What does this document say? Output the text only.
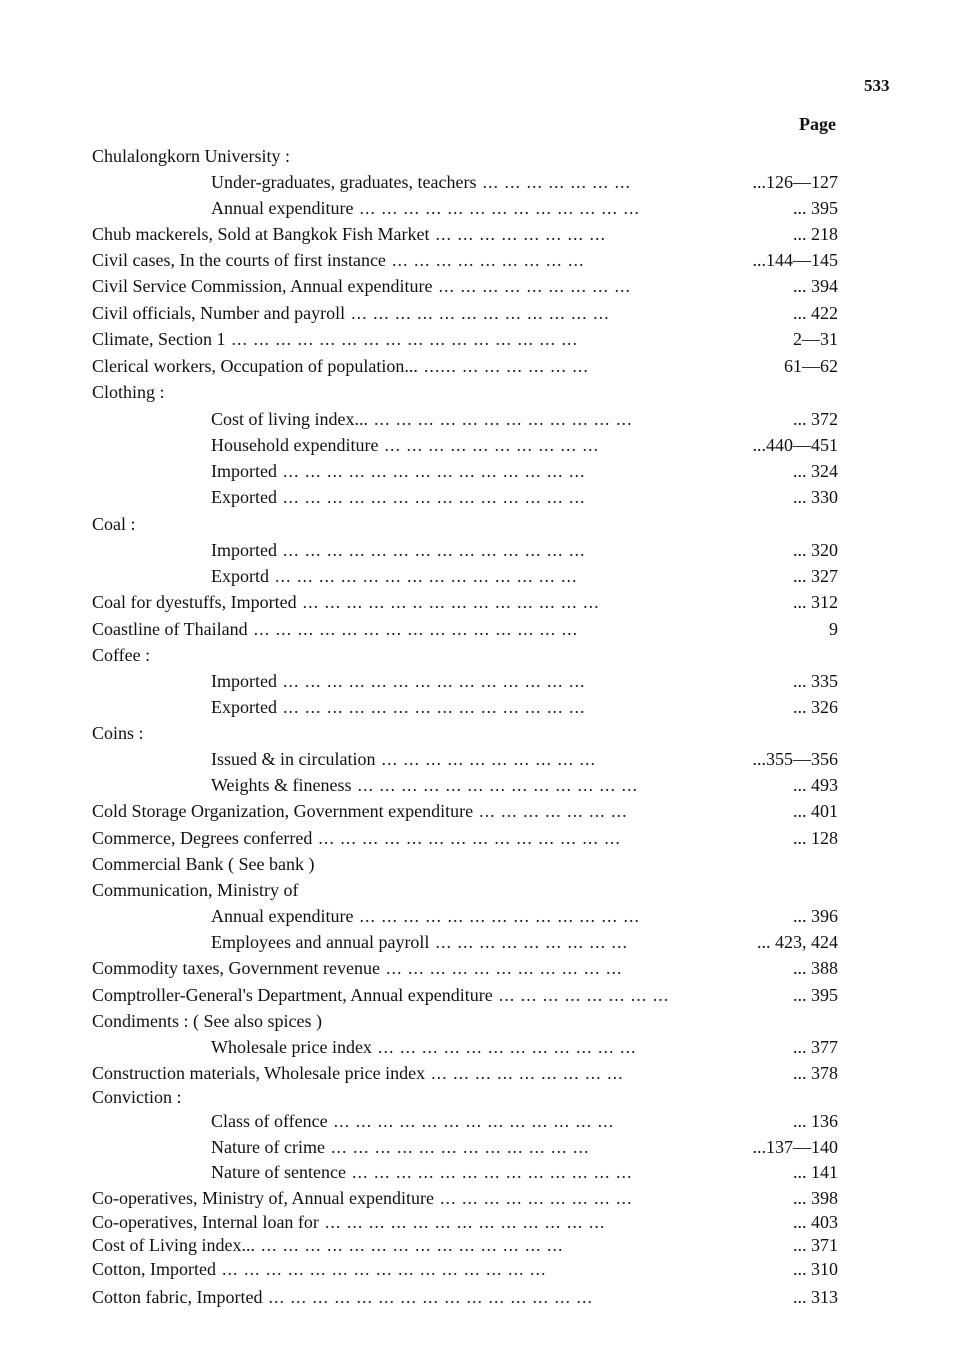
533
Page
Chulalongkorn University :
Under-graduates, graduates, teachers ... ... ... ... ... ... ...	...126—127
Annual expenditure ... ... ... ... ... ... ... ... ... ... ... ... ...	... 395
Chub mackerels, Sold at Bangkok Fish Market ... ... ... ... ... ... ... ...	... 218
Civil cases, In the courts of first instance ... ... ... ... ... ... ... ... ...	...144—145
Civil Service Commission, Annual expenditure ... ... ... ... ... ... ... ... ...	... 394
Civil officials, Number and payroll ... ... ... ... ... ... ... ... ... ... ... ...	... 422
Climate, Section 1 ... ... ... ... ... ... ... ... ... ... ... ... ... ... ... ...	2—31
Clerical workers, Occupation of population... ...... ... ... ... ... ... ...	61—62
Clothing :
Cost of living index... ... ... ... ... ... ... ... ... ... ... ... ...	... 372
Household expenditure ... ... ... ... ... ... ... ... ... ...	...440—451
Imported ... ... ... ... ... ... ... ... ... ... ... ... ... ...	... 324
Exported ... ... ... ... ... ... ... ... ... ... ... ... ... ...	... 330
Coal :
Imported ... ... ... ... ... ... ... ... ... ... ... ... ... ...	... 320
Exportd ... ... ... ... ... ... ... ... ... ... ... ... ... ...	... 327
Coal for dyestuffs, Imported ... ... ... ... ... .. ... ... ... ... ... ... ... ...	... 312
Coastline of Thailand ... ... ... ... ... ... ... ... ... ... ... ... ... ... ...	9
Coffee :
Imported ... ... ... ... ... ... ... ... ... ... ... ... ... ...	... 335
Exported ... ... ... ... ... ... ... ... ... ... ... ... ... ...	... 326
Coins :
Issued & in circulation ... ... ... ... ... ... ... ... ... ...	...355—356
Weights & fineness ... ... ... ... ... ... ... ... ... ... ... ... ...	... 493
Cold Storage Organization, Government expenditure ... ... ... ... ... ... ...	... 401
Commerce, Degrees conferred ... ... ... ... ... ... ... ... ... ... ... ... ... ...	... 128
Commercial Bank ( See bank )
Communication, Ministry of
Annual expenditure ... ... ... ... ... ... ... ... ... ... ... ... ...	... 396
Employees and annual payroll ... ... ... ... ... ... ... ... ...	... 423, 424
Commodity taxes, Government revenue ... ... ... ... ... ... ... ... ... ... ...	... 388
Comptroller-General's Department, Annual expenditure ... ... ... ... ... ... ... ...	... 395
Condiments : ( See also spices )
Wholesale price index ... ... ... ... ... ... ... ... ... ... ... ...	... 377
Construction materials, Wholesale price index ... ... ... ... ... ... ... ... ...	... 378
Conviction :
Class of offence ... ... ... ... ... ... ... ... ... ... ... ... ...	... 136
Nature of crime ... ... ... ... ... ... ... ... ... ... ... ...	...137—140
Nature of sentence ... ... ... ... ... ... ... ... ... ... ... ... ...	... 141
Co-operatives, Ministry of, Annual expenditure ... ... ... ... ... ... ... ... ...	... 398
Co-operatives, Internal loan for ... ... ... ... ... ... ... ... ... ... ... ... ...	... 403
Cost of Living index... ... ... ... ... ... ... ... ... ... ... ... ... ... ...	... 371
Cotton, Imported ... ... ... ... ... ... ... ... ... ... ... ... ... ... ...	... 310
Cotton fabric, Imported ... ... ... ... ... ... ... ... ... ... ... ... ... ... ...	... 313
